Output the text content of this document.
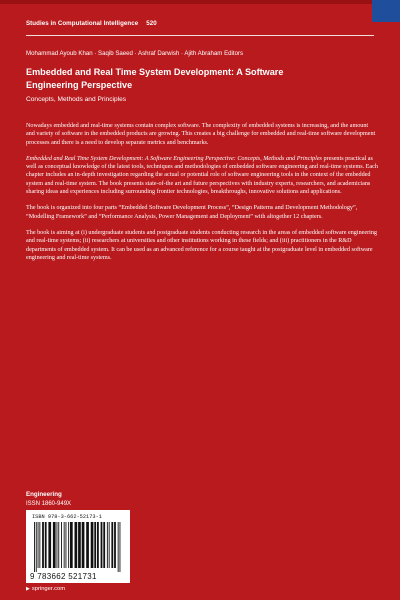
Studies in Computational Intelligence 520
Mohammad Ayoub Khan · Saqib Saeed · Ashraf Darwish · Ajith Abraham Editors
Embedded and Real Time System Development: A Software
Engineering Perspective
Concepts, Methods and Principles

Nowadays embedded and real-time systems contain complex software. The complexity of embedded systems is increasing, and the amount and variety of software in the embedded products are growing. This creates a big challenge for embedded and real-time software development processes and there is a need to develop separate metrics and benchmarks.

Embedded and Real Time System Development: A Software Engineering Perspective: Concepts, Methods and Principles presents practical as well as conceptual knowledge of the latest tools, techniques and methodologies of embedded software engineering and real-time systems. Each chapter includes an in-depth investigation regarding the actual or potential role of software engineering tools in the context of the embedded system and real-time system. The book presents state-of-the art and future perspectives with industry experts, researchers, and academicians sharing ideas and experiences including surrounding frontier technologies, breakthroughs, innovative solutions and applications.

The book is organized into four parts “Embedded Software Development Process”, “Design Patterns and Development Methodology”, “Modelling Framework” and “Performance Analysis, Power Management and Deployment” with altogether 12 chapters.

The book is aiming at (i) undergraduate students and postgraduate students conducting research in the areas of embedded software engineering and real-time systems; (ii) researchers at universities and other institutions working in these fields; and (iii) practitioners in the R&D departments of embedded system. It can be used as an advanced reference for a course taught at the postgraduate level in embedded software engineering and real-time systems.

Engineering
ISSN 1860-949X
ISBN 978-3-662-52173-1
9 783662 521731
▶ springer.com
